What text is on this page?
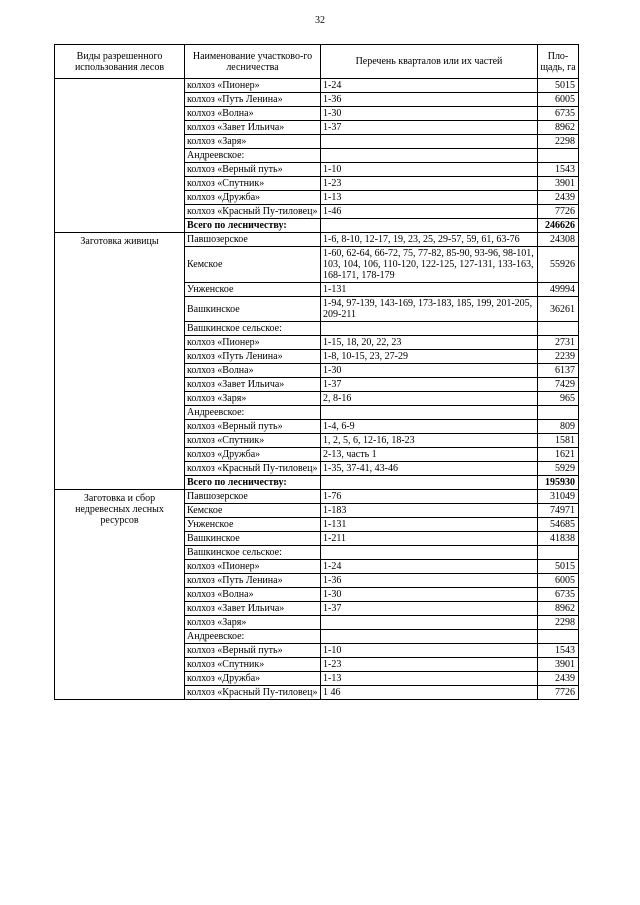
32
Виды разрешенного использования лесов	Наименование участково-го лесничества	Перечень кварталов или их частей	Пло-щадь, га
	колхоз «Пионер»	1-24	5015
	колхоз «Путь Ленина»	1-36	6005
	колхоз «Волна»	1-30	6735
	колхоз «Завет Ильича»	1-37	8962
	колхоз «Заря»		2298
	Андреевское:		
	колхоз «Верный путь»	1-10	1543
	колхоз «Спутник»	1-23	3901
	колхоз «Дружба»	1-13	2439
	колхоз «Красный Пу-тиловец»	1-46	7726
	Всего по лесничеству:		246626
Заготовка живицы	Павшозерское	1-6, 8-10, 12-17, 19, 23, 25, 29-57, 59, 61, 63-76	24308
	Кемское	1-60, 62-64, 66-72, 75, 77-82, 85-90, 93-96, 98-101, 103, 104, 106, 110-120, 122-125, 127-131, 133-163, 168-171, 178-179	55926
	Унженское	1-131	49994
	Вашкинское	1-94, 97-139, 143-169, 173-183, 185, 199, 201-205, 209-211	36261
	Вашкинское сельское:		
	колхоз «Пионер»	1-15, 18, 20, 22, 23	2731
	колхоз «Путь Ленина»	1-8, 10-15, 23, 27-29	2239
	колхоз «Волна»	1-30	6137
	колхоз «Завет Ильича»	1-37	7429
	колхоз «Заря»	2, 8-16	965
	Андреевское:		
	колхоз «Верный путь»	1-4, 6-9	809
	колхоз «Спутник»	1, 2, 5, 6, 12-16, 18-23	1581
	колхоз «Дружба»	2-13, часть 1	1621
	колхоз «Красный Пу-тиловец»	1-35, 37-41, 43-46	5929
	Всего по лесничеству:		195930
Заготовка и сбор недревесных лесных ресурсов	Павшозерское	1-76	31049
	Кемское	1-183	74971
	Унженское	1-131	54685
	Вашкинское	1-211	41838
	Вашкинское сельское:		
	колхоз «Пионер»	1-24	5015
	колхоз «Путь Ленина»	1-36	6005
	колхоз «Волна»	1-30	6735
	колхоз «Завет Ильича»	1-37	8962
	колхоз «Заря»		2298
	Андреевское:		
	колхоз «Верный путь»	1-10	1543
	колхоз «Спутник»	1-23	3901
	колхоз «Дружба»	1-13	2439
	колхоз «Красный Пу-тиловец»	1 46	7726
